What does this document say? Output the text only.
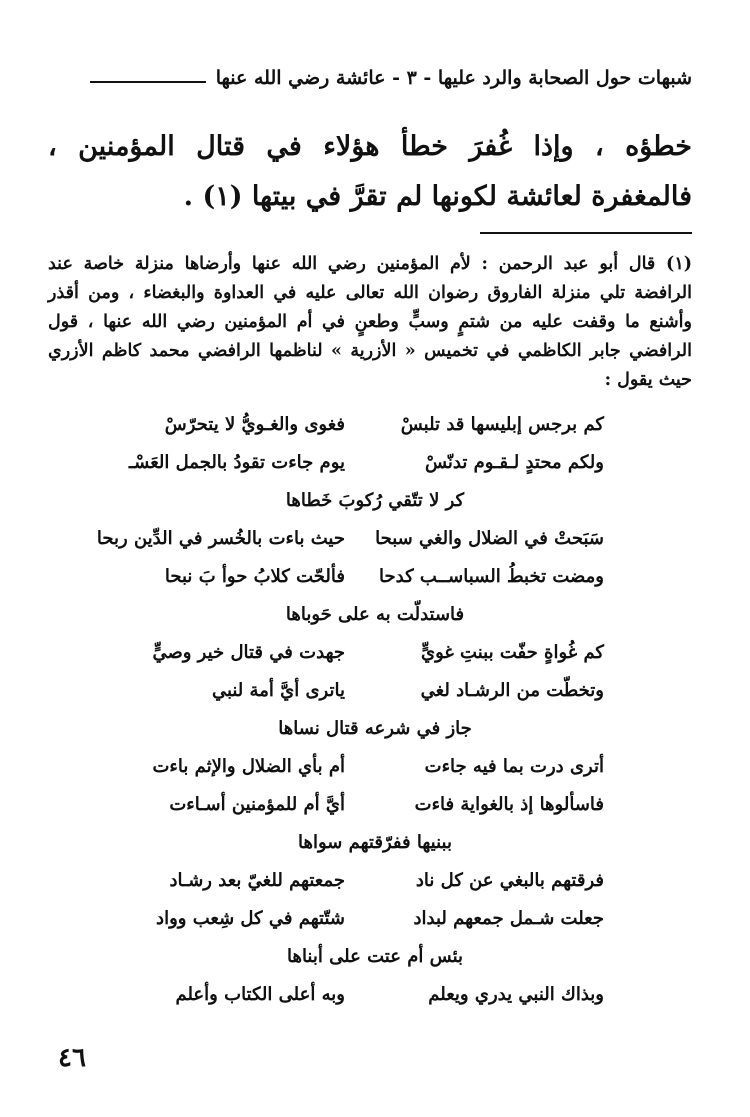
شبهات حول الصحابة والرد عليها - ٣ - عائشة رضي الله عنها
خطؤه ، وإذا غُفرَ خطأ هؤلاء في قتال المؤمنين ، فالمغفرة لعائشة لكونها لم تقرَّ في بيتها (١) .
(١) قال أبو عبد الرحمن : لأم المؤمنين رضي الله عنها وأرضاها منزلة خاصة عند
الرافضة تلي منزلة الفاروق رضوان الله تعالى عليه في العداوة والبغضاء ، ومن أقذر
وأشنع ما وقفت عليه من شتمٍ وسبٍّ وطعنٍ في أم المؤمنين رضي الله عنها ، قول
الرافضي جابر الكاظمي في تخميس « الأزرية » لناظمها الرافضي محمد كاظم الأزري
حيث يقول :
كم برجس إبليسها قد تلبسْ
فغوى والغـويُّ لا يتحرّسْ
ولكم محتدٍ لـقـوم تدنّسْ
يوم جاءت تقودُ بالجمل العَسْـ
كر لا تتّقي رُكوبَ خَطاها
سَبَحتْ في الضلال والغي سبحا
حيث باءت بالخُسر في الدِّين ربحا
ومضت تخبطُ السباســب كدحا
فألحّت كلابُ حوأ بَ نبحا
فاستدلّت به على حَوباها
كم غُواةٍ حفّت ببنتِ غويٍّ
جهدت في قتال خير وصيٍّ
وتخطّت من الرشـاد لغي
ياترى أيَّ أمة لنبي
جاز في شرعه قتال نساها
أترى درت بما فيه جاءت
أم بأي الضلال والإثم باءت
فاسألوها إذ بالغواية فاءت
أيَّ أم للمؤمنين أسـاءت
ببنيها ففرّقتهم سواها
فرقتهم بالبغي عن كل ناد
جمعتهم للغيّ بعد رشـاد
جعلت شـمل جمعهم لبداد
شتّتهم في كل شِعب وواد
بئس أم عتت على أبناها
وبذاك النبي يدري ويعلم
وبه أعلى الكتاب وأعلم
٤٦
